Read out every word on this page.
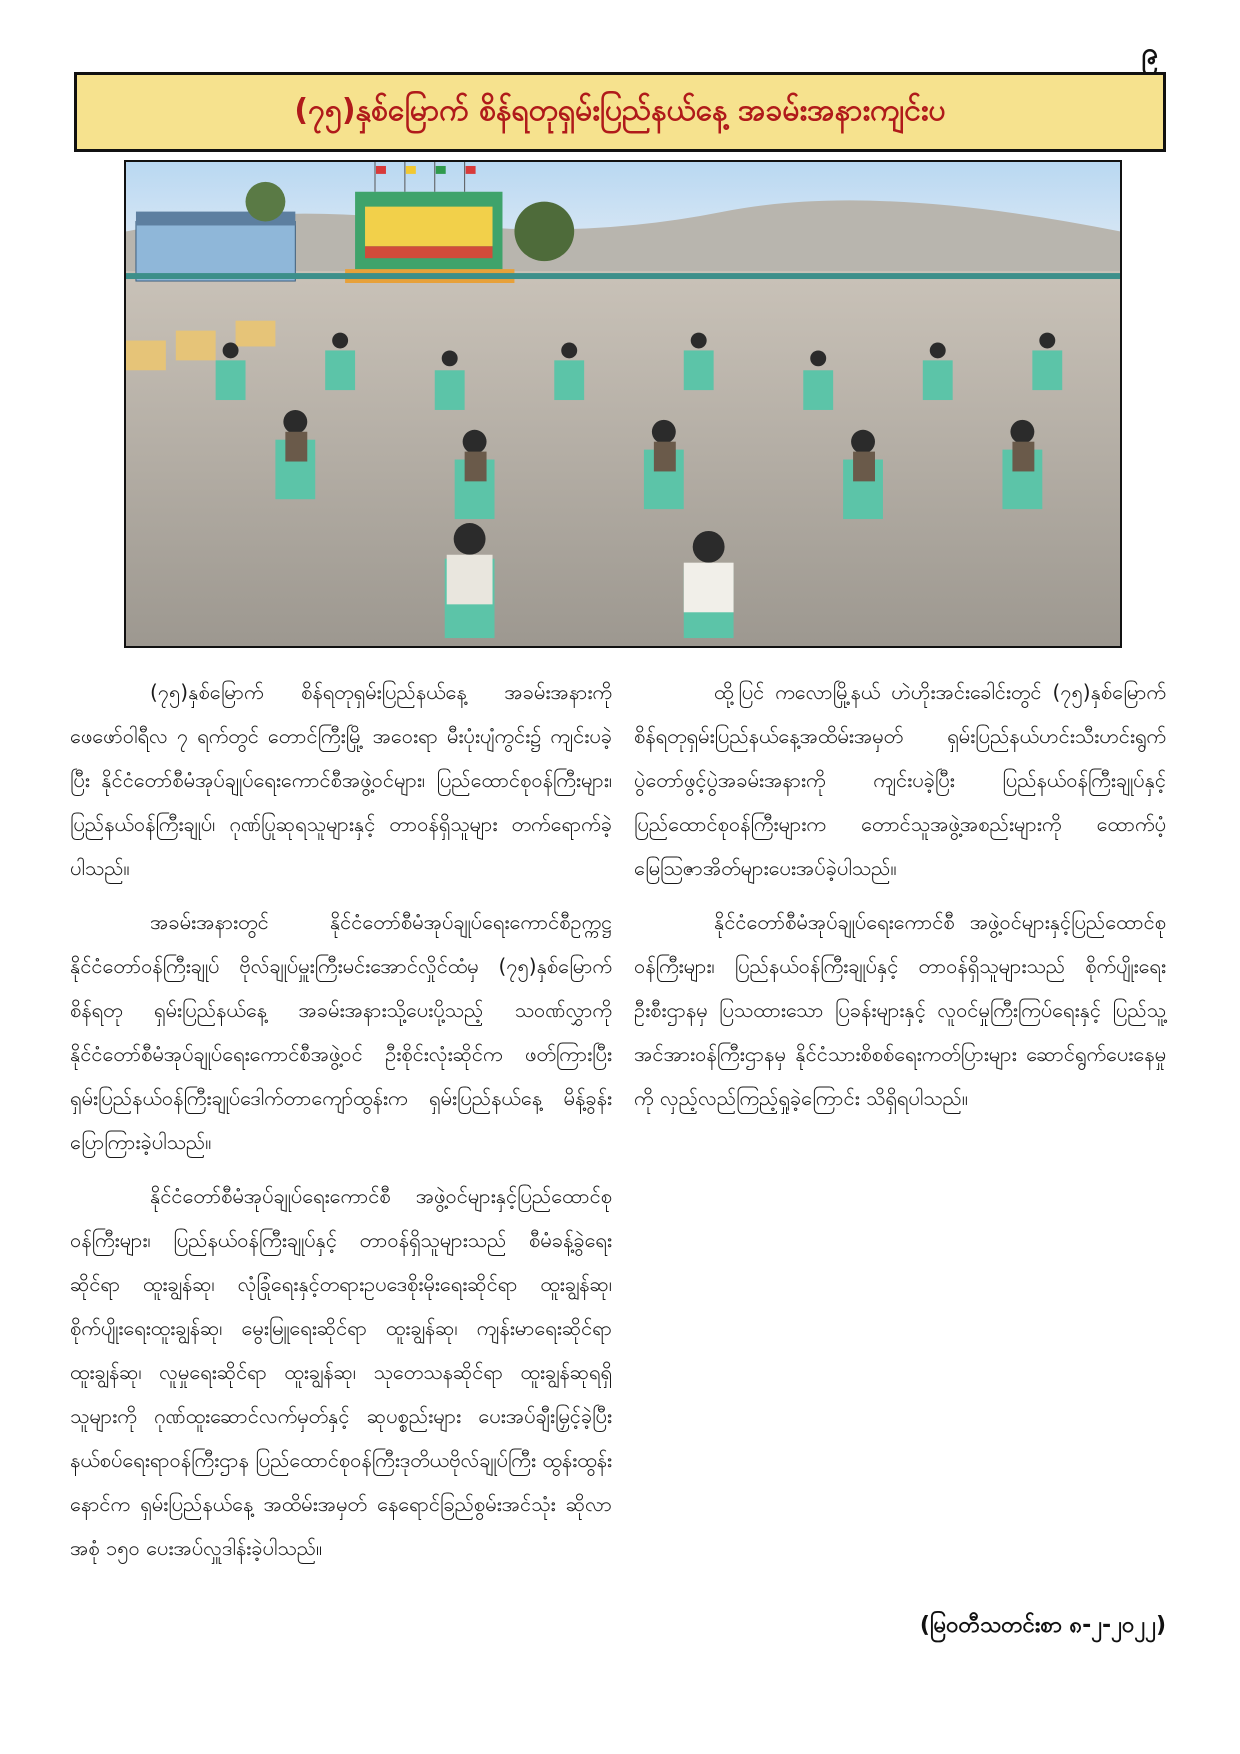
၉
(၇၅)နှစ်မြောက် စိန်ရတုရှမ်းပြည်နယ်နေ့ အခမ်းအနားကျင်းပ

(၇၅)နှစ်မြောက် စိန်ရတုရှမ်းပြည်နယ်နေ့ အခမ်းအနားကို ဖေဖော်ဝါရီလ ၇ ရက်တွင် တောင်ကြီးမြို့ အဝေးရာ မီးပုံးပျံကွင်း၌ ကျင်းပခဲ့ပြီး နိုင်ငံတော်စီမံအုပ်ချုပ်ရေးကောင်စီအဖွဲ့ဝင်များ၊ ပြည်ထောင်စုဝန်ကြီးများ၊ ပြည်နယ်ဝန်ကြီးချုပ်၊ ဂုဏ်ပြုဆုရသူများနှင့် တာဝန်ရှိသူများ တက်ရောက်ခဲ့ပါသည်။

အခမ်းအနားတွင် နိုင်ငံတော်စီမံအုပ်ချုပ်ရေးကောင်စီဥက္ကဋ္ဌ နိုင်ငံတော်ဝန်ကြီးချုပ် ဗိုလ်ချုပ်မှူးကြီးမင်းအောင်လှိုင်ထံမှ (၇၅)နှစ်မြောက်စိန်ရတု ရှမ်းပြည်နယ်နေ့ အခမ်းအနားသို့ပေးပို့သည့် သဝဏ်လွှာကို နိုင်ငံတော်စီမံအုပ်ချုပ်ရေးကောင်စီအဖွဲ့ဝင် ဦးစိုင်းလုံးဆိုင်က ဖတ်ကြားပြီး ရှမ်းပြည်နယ်ဝန်ကြီးချုပ်ဒေါက်တာကျော်ထွန်းက ရှမ်းပြည်နယ်နေ့ မိန့်ခွန်းပြောကြားခဲ့ပါသည်။

နိုင်ငံတော်စီမံအုပ်ချုပ်ရေးကောင်စီ အဖွဲ့ဝင်များနှင့်ပြည်ထောင်စုဝန်ကြီးများ၊ ပြည်နယ်ဝန်ကြီးချုပ်နှင့် တာဝန်ရှိသူများသည် စီမံခန့်ခွဲရေးဆိုင်ရာ ထူးချွန်ဆု၊ လုံခြုံရေးနှင့်တရားဥပဒေစိုးမိုးရေးဆိုင်ရာ ထူးချွန်ဆု၊ စိုက်ပျိုးရေးထူးချွန်ဆု၊ မွေးမြူရေးဆိုင်ရာ ထူးချွန်ဆု၊ ကျန်းမာရေးဆိုင်ရာ ထူးချွန်ဆု၊ လူမှုရေးဆိုင်ရာ ထူးချွန်ဆု၊ သုတေသနဆိုင်ရာ ထူးချွန်ဆုရရှိသူများကို ဂုဏ်ထူးဆောင်လက်မှတ်နှင့် ဆုပစ္စည်းများ ပေးအပ်ချီးမြှင့်ခဲ့ပြီး နယ်စပ်ရေးရာဝန်ကြီးဌာန ပြည်ထောင်စုဝန်ကြီးဒုတိယဗိုလ်ချုပ်ကြီး ထွန်းထွန်းနောင်က ရှမ်းပြည်နယ်နေ့ အထိမ်းအမှတ် နေရောင်ခြည်စွမ်းအင်သုံး ဆိုလာအစုံ ၁၅၀ ပေးအပ်လှူဒါန်းခဲ့ပါသည်။

ထို့ပြင် ကလောမြို့နယ် ဟဲဟိုးအင်းခေါင်းတွင် (၇၅)နှစ်မြောက် စိန်ရတုရှမ်းပြည်နယ်နေ့အထိမ်းအမှတ် ရှမ်းပြည်နယ်ဟင်းသီးဟင်းရွက်ပွဲတော်ဖွင့်ပွဲအခမ်းအနားကို ကျင်းပခဲ့ပြီး ပြည်နယ်ဝန်ကြီးချုပ်နှင့် ပြည်ထောင်စုဝန်ကြီးများက တောင်သူအဖွဲ့အစည်းများကို ထောက်ပံ့မြေဩဇာအိတ်များပေးအပ်ခဲ့ပါသည်။

နိုင်ငံတော်စီမံအုပ်ချုပ်ရေးကောင်စီ အဖွဲ့ဝင်များနှင့်ပြည်ထောင်စုဝန်ကြီးများ၊ ပြည်နယ်ဝန်ကြီးချုပ်နှင့် တာဝန်ရှိသူများသည် စိုက်ပျိုးရေးဦးစီးဌာနမှ ပြသထားသော ပြခန်းများနှင့် လူဝင်မှုကြီးကြပ်ရေးနှင့် ပြည်သူ့အင်အားဝန်ကြီးဌာနမှ နိုင်ငံသားစိစစ်ရေးကတ်ပြားများ ဆောင်ရွက်ပေးနေမှုကို လှည့်လည်ကြည့်ရှုခဲ့ကြောင်း သိရှိရပါသည်။

(မြဝတီသတင်းစာ ၈-၂-၂၀၂၂)
